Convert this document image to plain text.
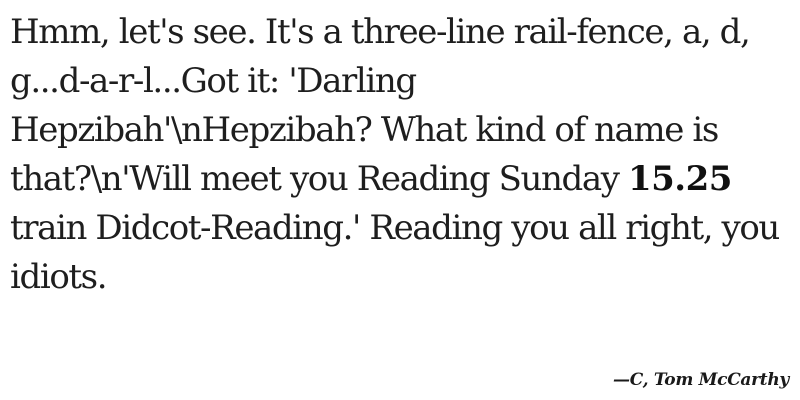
Hmm, let's see. It's a three-line rail-fence, a, d, g...d-a-r-l...Got it: 'Darling Hepzibah'\nHepzibah? What kind of name is that?\n'Will meet you Reading Sunday 15.25 train Didcot-Reading.' Reading you all right, you idiots.

—C, Tom McCarthy
